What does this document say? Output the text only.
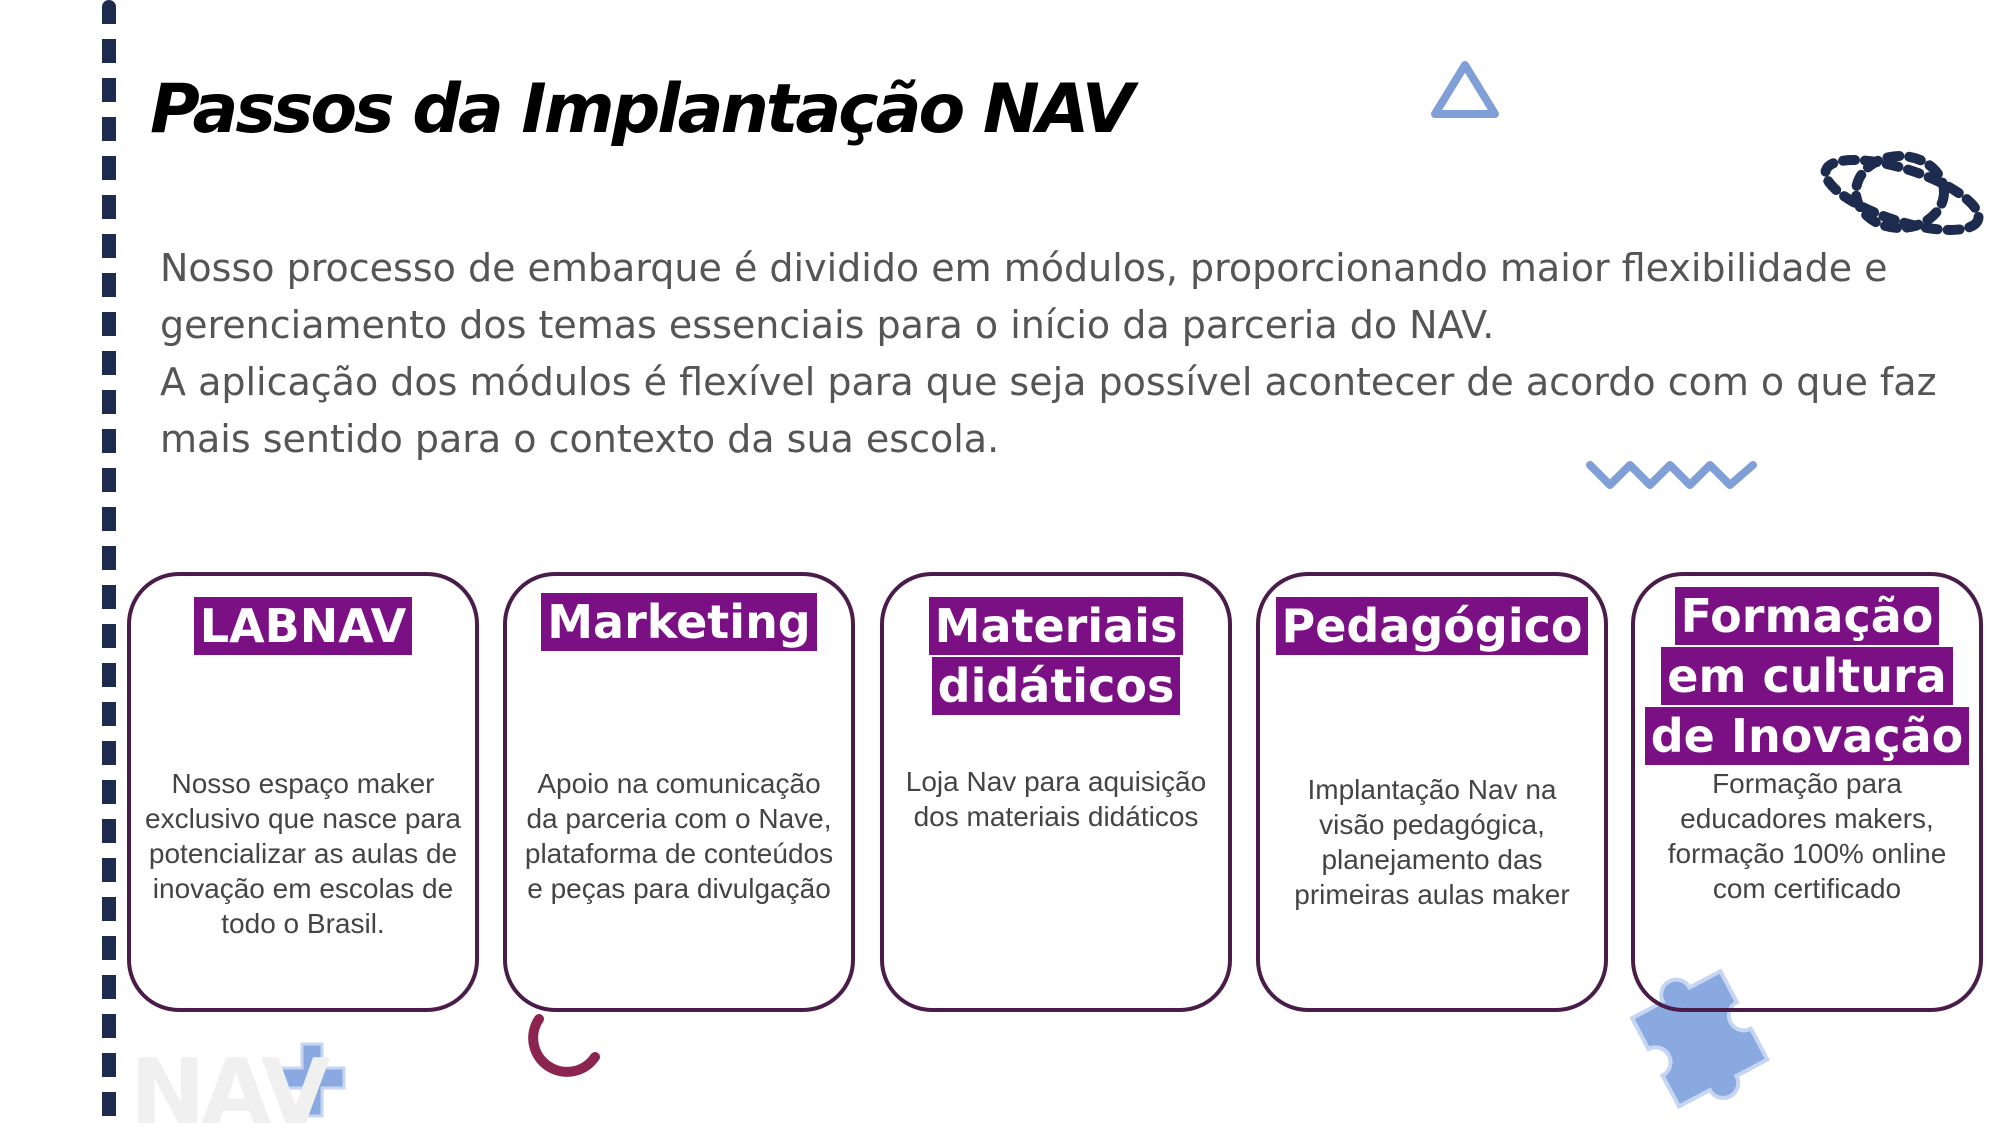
Passos da Implantação NAV

Nosso processo de embarque é dividido em módulos, proporcionando maior flexibilidade e gerenciamento dos temas essenciais para o início da parceria do NAV.

A aplicação dos módulos é flexível para que seja possível acontecer de acordo com o que faz mais sentido para o contexto da sua escola.

NAV
LABNAV
Nosso espaço maker exclusivo que nasce para potencializar as aulas de inovação em escolas de todo o Brasil.
Marketing
Apoio na comunicação da parceria com o Nave, plataforma de conteúdos e peças para divulgação
Materiais
didáticos
Loja Nav para aquisição dos materiais didáticos
Pedagógico
Implantação Nav na visão pedagógica, planejamento das primeiras aulas maker
Formação
em cultura
de Inovação
Formação para educadores makers, formação 100% online com certificado
